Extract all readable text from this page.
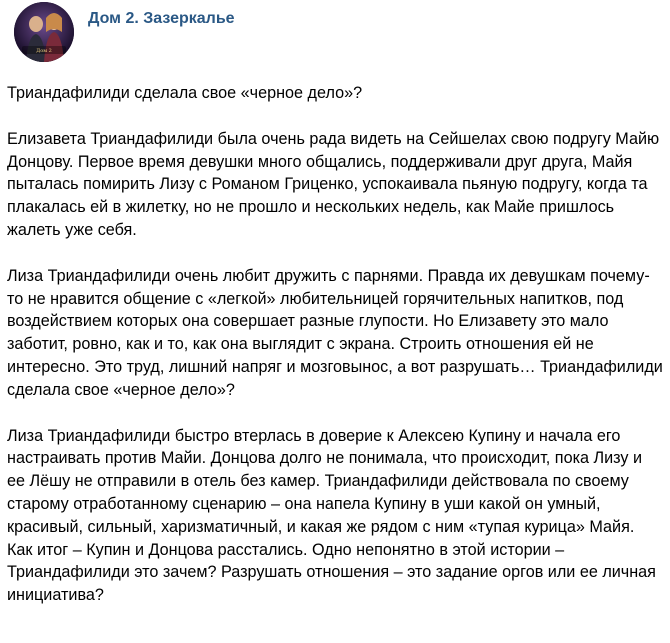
Дом 2
Дом 2. Зазеркалье

Триандафилиди сделала свое «черное дело»?

Елизавета Триандафилиди была очень рада видеть на Сейшелах свою подругу Майю Донцову. Первое время девушки много общались, поддерживали друг друга, Майя пыталась помирить Лизу с Романом Гриценко, успокаивала пьяную подругу, когда та плакалась ей в жилетку, но не прошло и нескольких недель, как Майе пришлось жалеть уже себя.

Лиза Триандафилиди очень любит дружить с парнями. Правда их девушкам почему-то не нравится общение с «легкой» любительницей горячительных напитков, под воздействием которых она совершает разные глупости. Но Елизавету это мало заботит, ровно, как и то, как она выглядит с экрана. Строить отношения ей не интересно. Это труд, лишний напряг и мозговынос, а вот разрушать… Триандафилиди сделала свое «черное дело»?

Лиза Триандафилиди быстро втерлась в доверие к Алексею Купину и начала его настраивать против Майи. Донцова долго не понимала, что происходит, пока Лизу и ее Лёшу не отправили в отель без камер. Триандафилиди действовала по своему старому отработанному сценарию – она напела Купину в уши какой он умный, красивый, сильный, харизматичный, и какая же рядом с ним «тупая курица» Майя. Как итог – Купин и Донцова расстались. Одно непонятно в этой истории – Триандафилиди это зачем? Разрушать отношения – это задание оргов или ее личная инициатива?
